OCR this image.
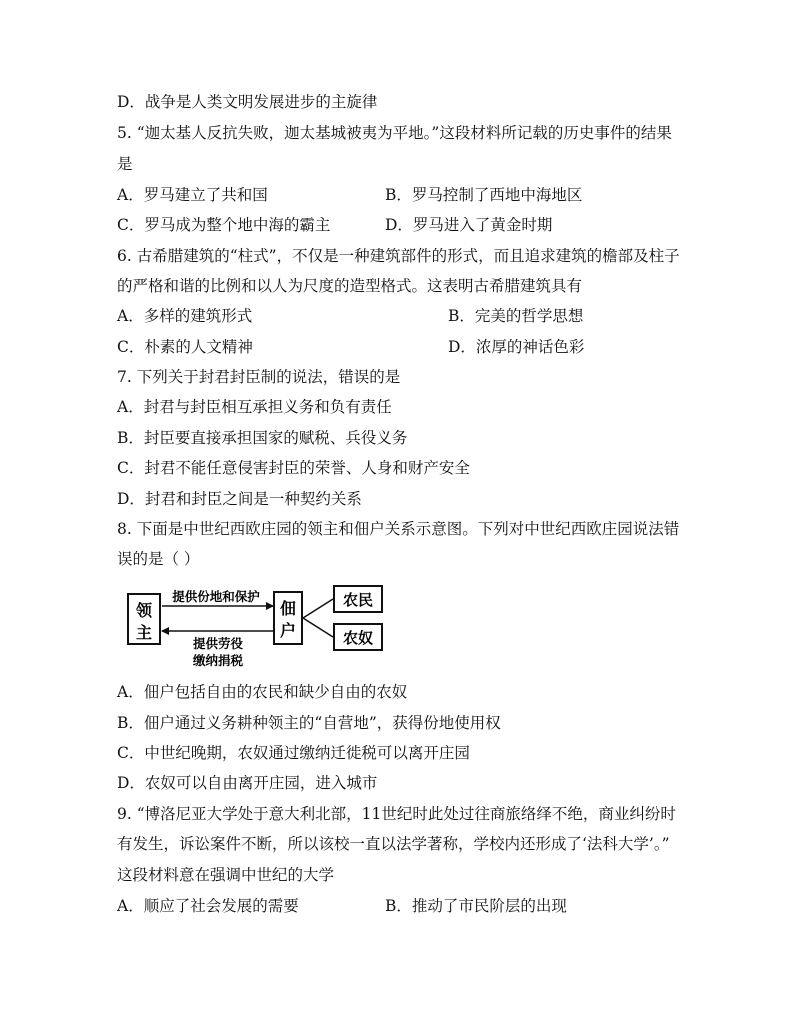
D．战争是人类文明发展进步的主旋律
5. “迦太基人反抗失败，迦太基城被夷为平地。”这段材料所记载的历史事件的结果
是
A．罗马建立了共和国	B．罗马控制了西地中海地区
C．罗马成为整个地中海的霸主	D．罗马进入了黄金时期
6. 古希腊建筑的“柱式”，不仅是一种建筑部件的形式，而且追求建筑的檐部及柱子
的严格和谐的比例和以人为尺度的造型格式。这表明古希腊建筑具有
A．多样的建筑形式	B．完美的哲学思想
C．朴素的人文精神	D．浓厚的神话色彩
7. 下列关于封君封臣制的说法，错误的是
A．封君与封臣相互承担义务和负有责任
B．封臣要直接承担国家的赋税、兵役义务
C．封君不能任意侵害封臣的荣誉、人身和财产安全
D．封君和封臣之间是一种契约关系
8. 下面是中世纪西欧庄园的领主和佃户关系示意图。下列对中世纪西欧庄园说法错
误的是（ ）
领
主
佃
户
农民
农奴
提供份地和保护
提供劳役
缴纳捐税
A．佃户包括自由的农民和缺少自由的农奴
B．佃户通过义务耕种领主的“自营地”，获得份地使用权
C．中世纪晚期，农奴通过缴纳迁徙税可以离开庄园
D．农奴可以自由离开庄园，进入城市
9. “博洛尼亚大学处于意大利北部，11世纪时此处过往商旅络绎不绝，商业纠纷时
有发生，诉讼案件不断，所以该校一直以法学著称，学校内还形成了‘法科大学’。”
这段材料意在强调中世纪的大学
A．顺应了社会发展的需要	B．推动了市民阶层的出现
